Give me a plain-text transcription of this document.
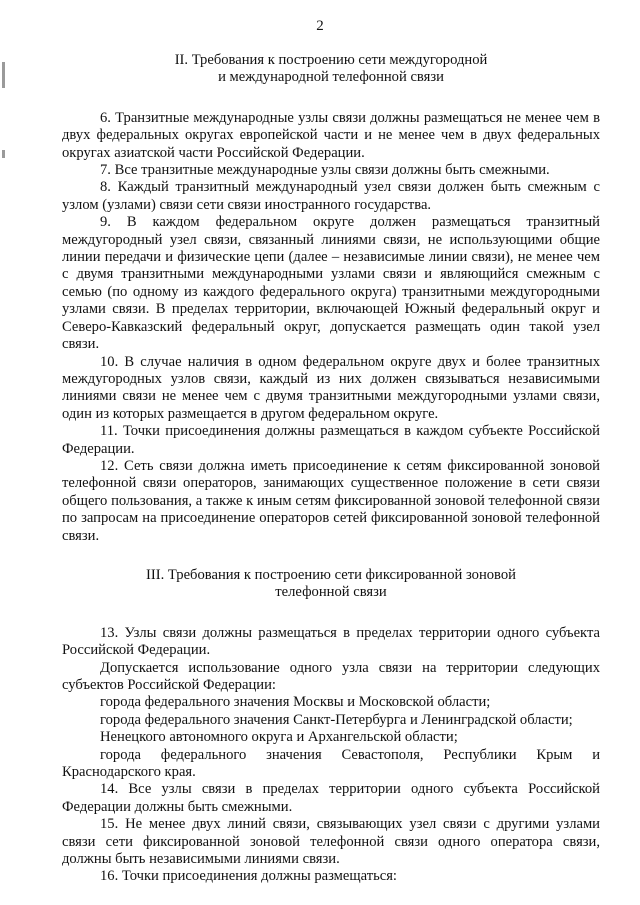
2
II. Требования к построению сети междугородной
и международной телефонной связи

6. Транзитные международные узлы связи должны размещаться не менее чем в двух федеральных округах европейской части и не менее чем в двух федеральных округах азиатской части Российской Федерации.

7. Все транзитные международные узлы связи должны быть смежными.

8. Каждый транзитный международный узел связи должен быть смежным с узлом (узлами) связи сети связи иностранного государства.

9. В каждом федеральном округе должен размещаться транзитный междугородный узел связи, связанный линиями связи, не использующими общие линии передачи и физические цепи (далее – независимые линии связи), не менее чем с двумя транзитными международными узлами связи и являющийся смежным с семью (по одному из каждого федерального округа) транзитными междугородными узлами связи. В пределах территории, включающей Южный федеральный округ и Северо-Кавказский федеральный округ, допускается размещать один такой узел связи.

10. В случае наличия в одном федеральном округе двух и более транзитных междугородных узлов связи, каждый из них должен связываться независимыми линиями связи не менее чем с двумя транзитными междугородными узлами связи, один из которых размещается в другом федеральном округе.

11. Точки присоединения должны размещаться в каждом субъекте Российской Федерации.

12. Сеть связи должна иметь присоединение к сетям фиксированной зоновой телефонной связи операторов, занимающих существенное положение в сети связи общего пользования, а также к иным сетям фиксированной зоновой телефонной связи по запросам на присоединение операторов сетей фиксированной зоновой телефонной связи.

III. Требования к построению сети фиксированной зоновой
телефонной связи

13. Узлы связи должны размещаться в пределах территории одного субъекта Российской Федерации.

Допускается использование одного узла связи на территории следующих субъектов Российской Федерации:

города федерального значения Москвы и Московской области;

города федерального значения Санкт-Петербурга и Ленинградской области;

Ненецкого автономного округа и Архангельской области;

города федерального значения Севастополя, Республики Крым и Краснодарского края.

14. Все узлы связи в пределах территории одного субъекта Российской Федерации должны быть смежными.

15. Не менее двух линий связи, связывающих узел связи с другими узлами связи сети фиксированной зоновой телефонной связи одного оператора связи, должны быть независимыми линиями связи.

16. Точки присоединения должны размещаться:
